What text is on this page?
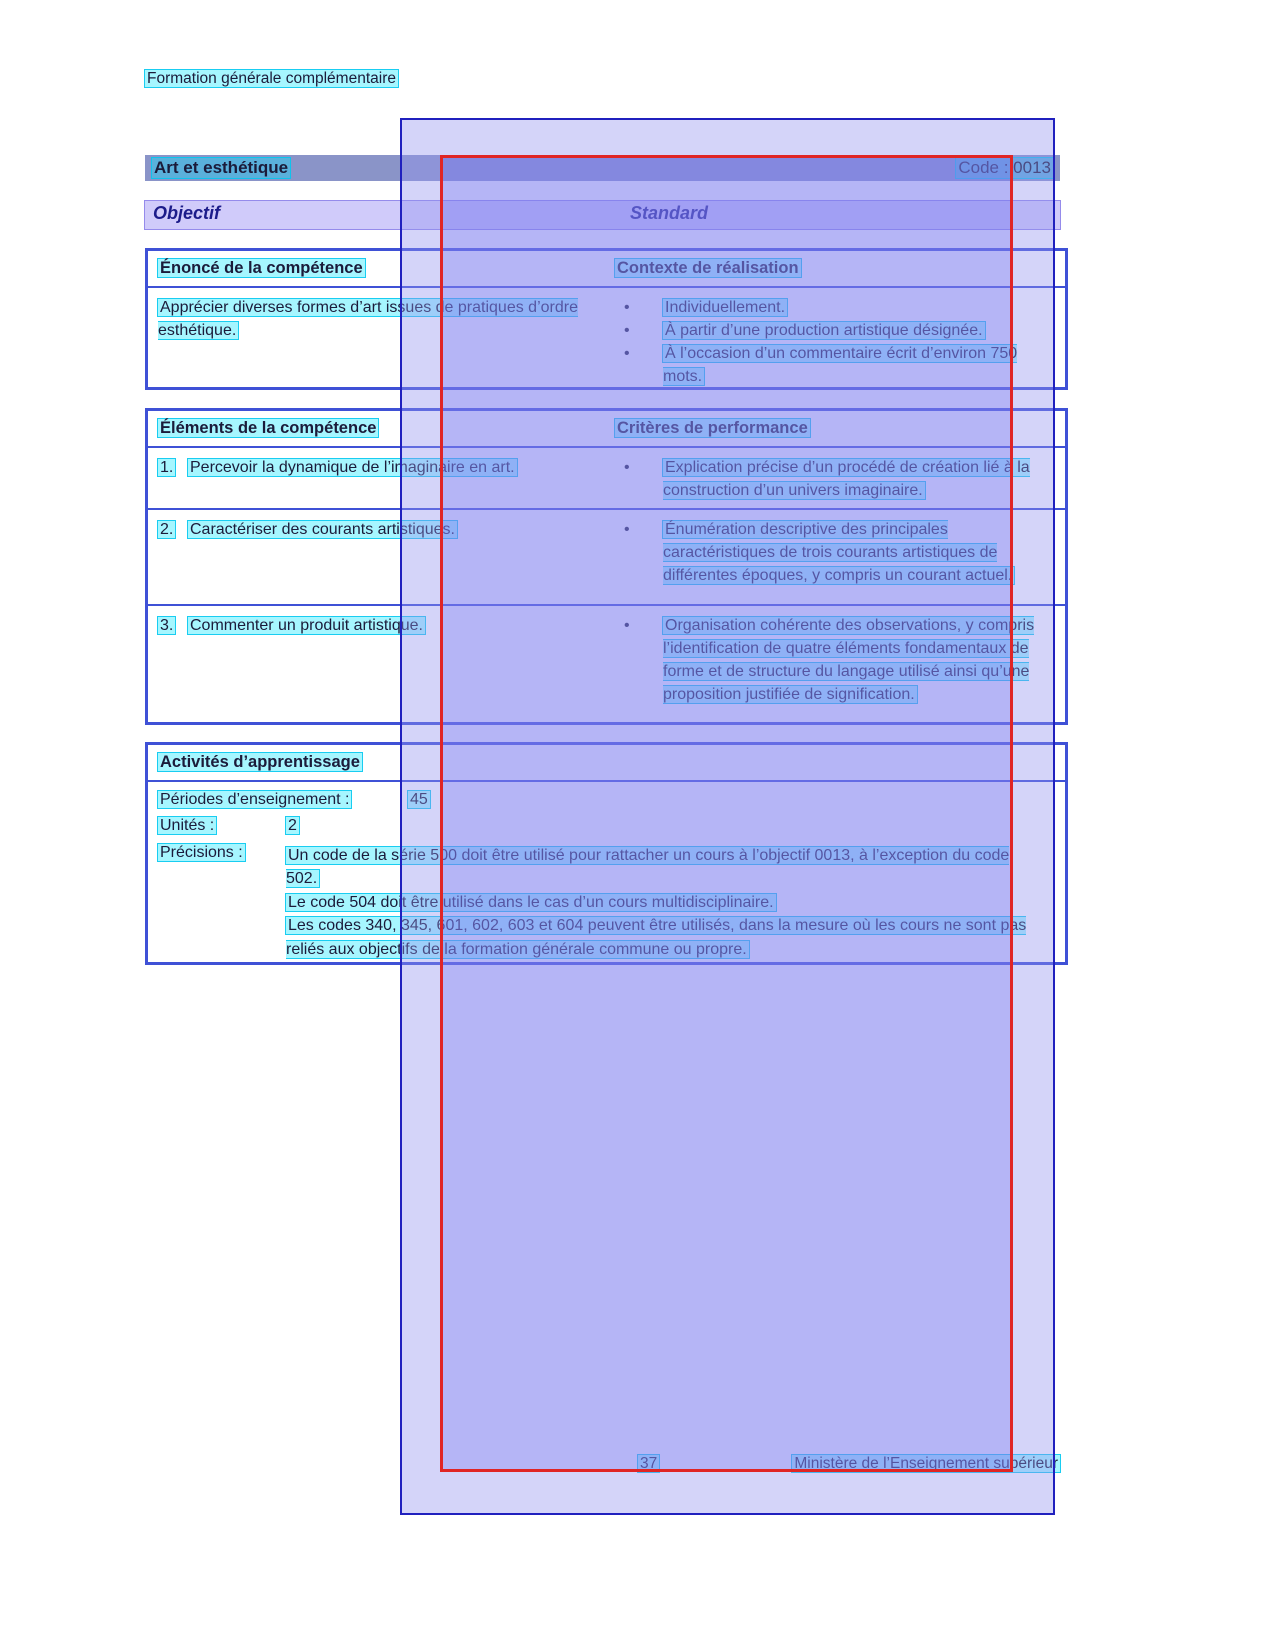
Formation générale complémentaire
Art et esthétique	Code : 0013
Objectif	Standard
Énoncé de la compétence	Contexte de réalisation
Apprécier diverses formes d’art issues de pratiques d’ordre esthétique.
•	Individuellement.
•	À partir d’une production artistique désignée.
•	À l’occasion d’un commentaire écrit d’environ 750 mots.
Éléments de la compétence	Critères de performance
1.	Percevoir la dynamique de l’imaginaire en art.	•	Explication précise d’un procédé de création lié à la construction d’un univers imaginaire.
2.	Caractériser des courants artistiques.	•	Énumération descriptive des principales caractéristiques de trois courants artistiques de différentes époques, y compris un courant actuel.
3.	Commenter un produit artistique.	•	Organisation cohérente des observations, y compris l’identification de quatre éléments fondamentaux de forme et de structure du langage utilisé ainsi qu’une proposition justifiée de signification.
Activités d’apprentissage
Périodes d’enseignement :	45
Unités :	2
Précisions :	Un code de la série 500 doit être utilisé pour rattacher un cours à l’objectif 0013, à l’exception du code 502.
Le code 504 doit être utilisé dans le cas d’un cours multidisciplinaire.
Les codes 340, 345, 601, 602, 603 et 604 peuvent être utilisés, dans la mesure où les cours ne sont pas reliés aux objectifs de la formation générale commune ou propre.
37	Ministère de l’Enseignement supérieur
